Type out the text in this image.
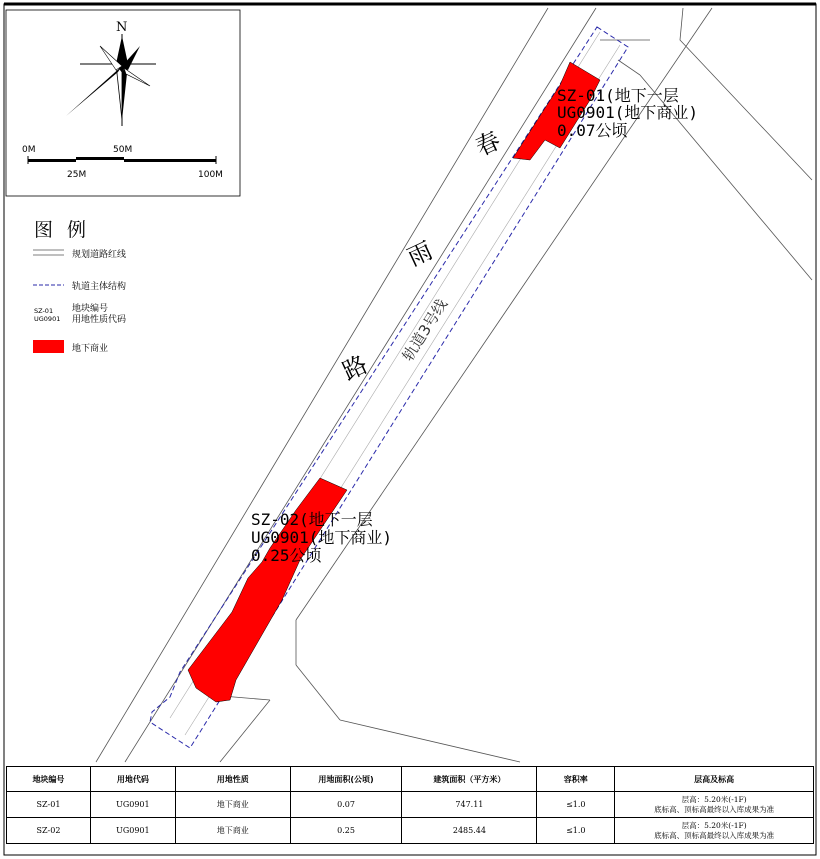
春
雨
路
轨道3号线
SZ-01(地下一层
UG0901(地下商业)
0.07公顷
SZ-02(地下一层
UG0901(地下商业)
0.25公顷
N
0M	50M
25M	100M
图 例
规划道路红线
轨道主体结构
SZ-01
UG0901
地块编号
用地性质代码
地下商业
地块编号	用地代码	用地性质	用地面积(公顷)	建筑面积（平方米）	容积率	层高及标高
SZ-01	UG0901	地下商业	0.07	747.11	≤1.0	层高：5.20米(-1F)
底标高、顶标高最终以入库成果为准

SZ-02	UG0901	地下商业	0.25	2485.44	≤1.0	层高：5.20米(-1F)
底标高、顶标高最终以入库成果为准
